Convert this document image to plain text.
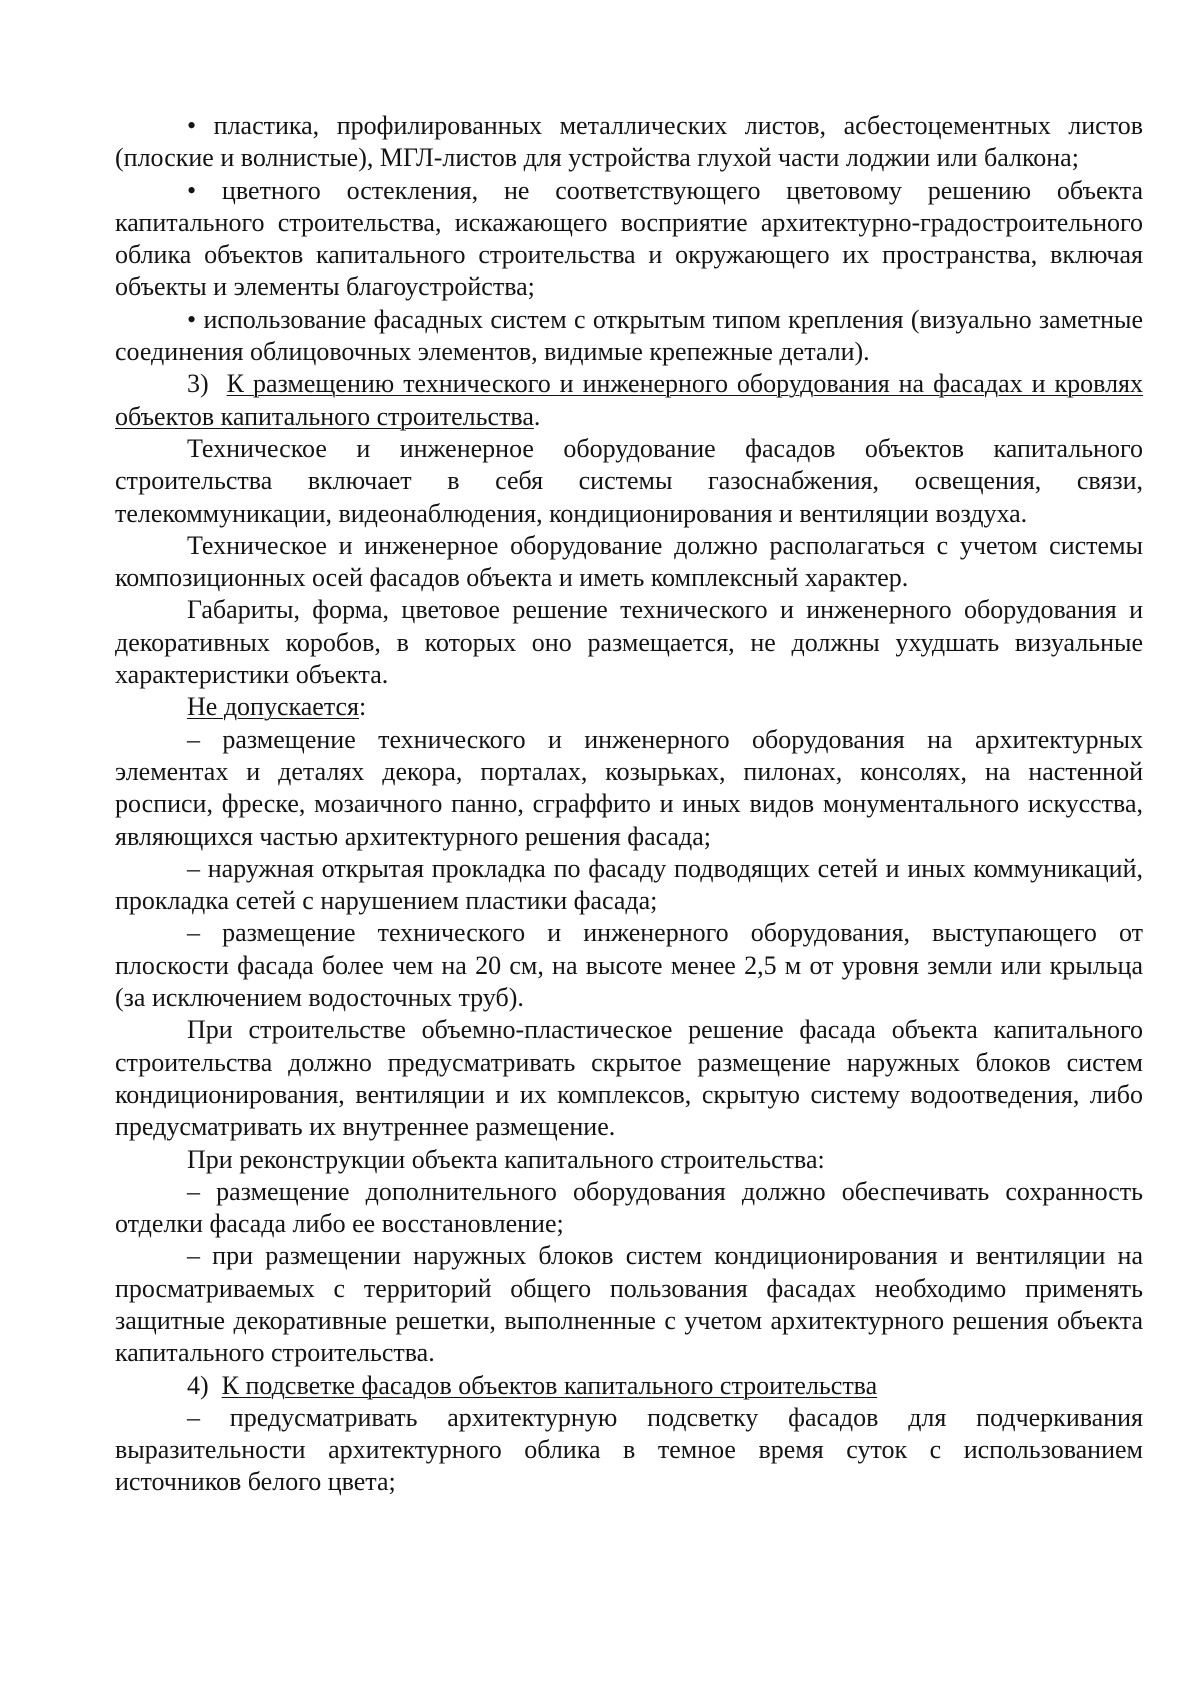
• пластика, профилированных металлических листов, асбестоцементных листов (плоские и волнистые), МГЛ-листов для устройства глухой части лоджии или балкона;

• цветного остекления, не соответствующего цветовому решению объекта капитального строительства, искажающего восприятие архитектурно-градостроительного облика объектов капитального строительства и окружающего их пространства, включая объекты и элементы благоустройства;

• использование фасадных систем с открытым типом крепления (визуально заметные соединения облицовочных элементов, видимые крепежные детали).

3) К размещению технического и инженерного оборудования на фасадах и кровлях объектов капитального строительства.

Техническое и инженерное оборудование фасадов объектов капитального строительства включает в себя системы газоснабжения, освещения, связи, телекоммуникации, видеонаблюдения, кондиционирования и вентиляции воздуха.

Техническое и инженерное оборудование должно располагаться с учетом системы композиционных осей фасадов объекта и иметь комплексный характер.

Габариты, форма, цветовое решение технического и инженерного оборудования и декоративных коробов, в которых оно размещается, не должны ухудшать визуальные характеристики объекта.

Не допускается:

– размещение технического и инженерного оборудования на архитектурных элементах и деталях декора, порталах, козырьках, пилонах, консолях, на настенной росписи, фреске, мозаичного панно, сграффито и иных видов монументального искусства, являющихся частью архитектурного решения фасада;

– наружная открытая прокладка по фасаду подводящих сетей и иных коммуникаций, прокладка сетей с нарушением пластики фасада;

– размещение технического и инженерного оборудования, выступающего от плоскости фасада более чем на 20 см, на высоте менее 2,5 м от уровня земли или крыльца (за исключением водосточных труб).

При строительстве объемно-пластическое решение фасада объекта капитального строительства должно предусматривать скрытое размещение наружных блоков систем кондиционирования, вентиляции и их комплексов, скрытую систему водоотведения, либо предусматривать их внутреннее размещение.

При реконструкции объекта капитального строительства:

– размещение дополнительного оборудования должно обеспечивать сохранность отделки фасада либо ее восстановление;

– при размещении наружных блоков систем кондиционирования и вентиляции на просматриваемых с территорий общего пользования фасадах необходимо применять защитные декоративные решетки, выполненные с учетом архитектурного решения объекта капитального строительства.

4) К подсветке фасадов объектов капитального строительства

– предусматривать архитектурную подсветку фасадов для подчеркивания выразительности архитектурного облика в темное время суток с использованием источников белого цвета;
